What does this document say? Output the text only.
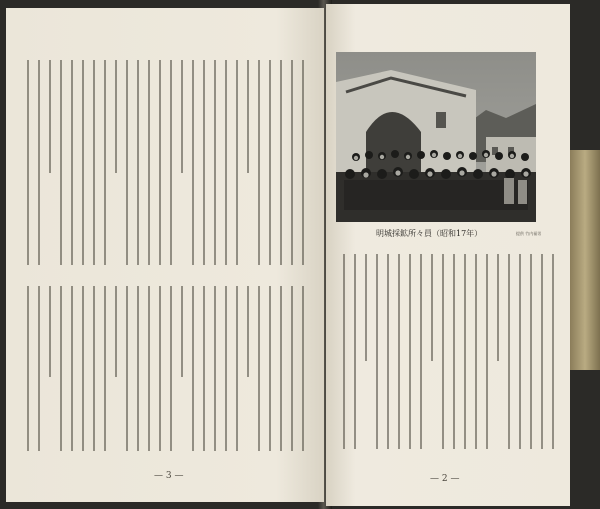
— 3 —
明城採鉱所々員（昭和17年）	提供 竹内福男
— 2 —
